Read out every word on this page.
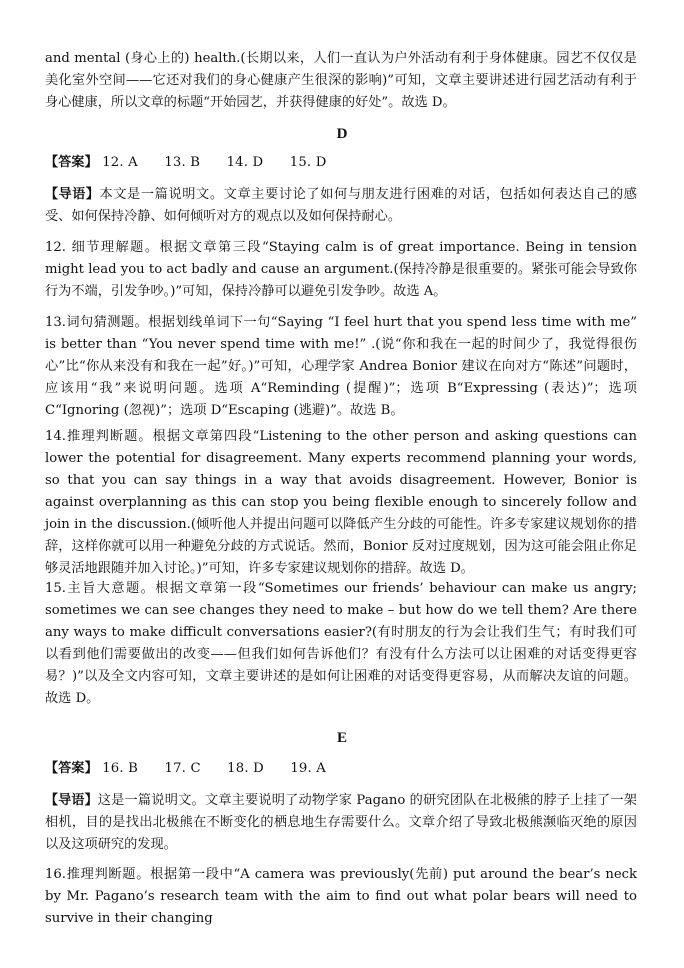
and mental (身心上的) health.(长期以来，人们一直认为户外活动有利于身体健康。园艺不仅仅是美化室外空间——它还对我们的身心健康产生很深的影响)”可知，文章主要讲述进行园艺活动有利于身心健康，所以文章的标题“开始园艺，并获得健康的好处”。故选 D。

D

【答案】 12. A 13. B 14. D 15. D

【导语】本文是一篇说明文。文章主要讨论了如何与朋友进行困难的对话，包括如何表达自己的感受、如何保持冷静、如何倾听对方的观点以及如何保持耐心。

12. 细节理解题。根据文章第三段“Staying calm is of great importance. Being in tension might lead you to act badly and cause an argument.(保持冷静是很重要的。紧张可能会导致你行为不端，引发争吵。)”可知，保持冷静可以避免引发争吵。故选 A。

13.词句猜测题。根据划线单词下一句“Saying “I feel hurt that you spend less time with me” is better than “You never spend time with me!” .(说“你和我在一起的时间少了，我觉得很伤心”比“你从来没有和我在一起”好。)”可知，心理学家 Andrea Bonior 建议在向对方“陈述”问题时，应该用“我”来说明问题。选项 A“Reminding (提醒)”；选项 B“Expressing (表达)”；选项 C“Ignoring (忽视)”；选项 D“Escaping (逃避)”。故选 B。

14.推理判断题。根据文章第四段“Listening to the other person and asking questions can lower the potential for disagreement. Many experts recommend planning your words, so that you can say things in a way that avoids disagreement. However, Bonior is against overplanning as this can stop you being flexible enough to sincerely follow and join in the discussion.(倾听他人并提出问题可以降低产生分歧的可能性。许多专家建议规划你的措辞，这样你就可以用一种避免分歧的方式说话。然而，Bonior 反对过度规划，因为这可能会阻止你足够灵活地跟随并加入讨论。)”可知，许多专家建议规划你的措辞。故选 D。

15.主旨大意题。根据文章第一段“Sometimes our friends’ behaviour can make us angry; sometimes we can see changes they need to make – but how do we tell them? Are there any ways to make difficult conversations easier?(有时朋友的行为会让我们生气；有时我们可以看到他们需要做出的改变——但我们如何告诉他们？有没有什么方法可以让困难的对话变得更容易？)”以及全文内容可知，文章主要讲述的是如何让困难的对话变得更容易，从而解决友谊的问题。故选 D。

E

【答案】 16. B 17. C 18. D 19. A

【导语】这是一篇说明文。文章主要说明了动物学家 Pagano 的研究团队在北极熊的脖子上挂了一架相机，目的是找出北极熊在不断变化的栖息地生存需要什么。文章介绍了导致北极熊濒临灭绝的原因以及这项研究的发现。

16.推理判断题。根据第一段中“A camera was previously(先前) put around the bear’s neck by Mr. Pagano’s research team with the aim to find out what polar bears will need to survive in their changing
